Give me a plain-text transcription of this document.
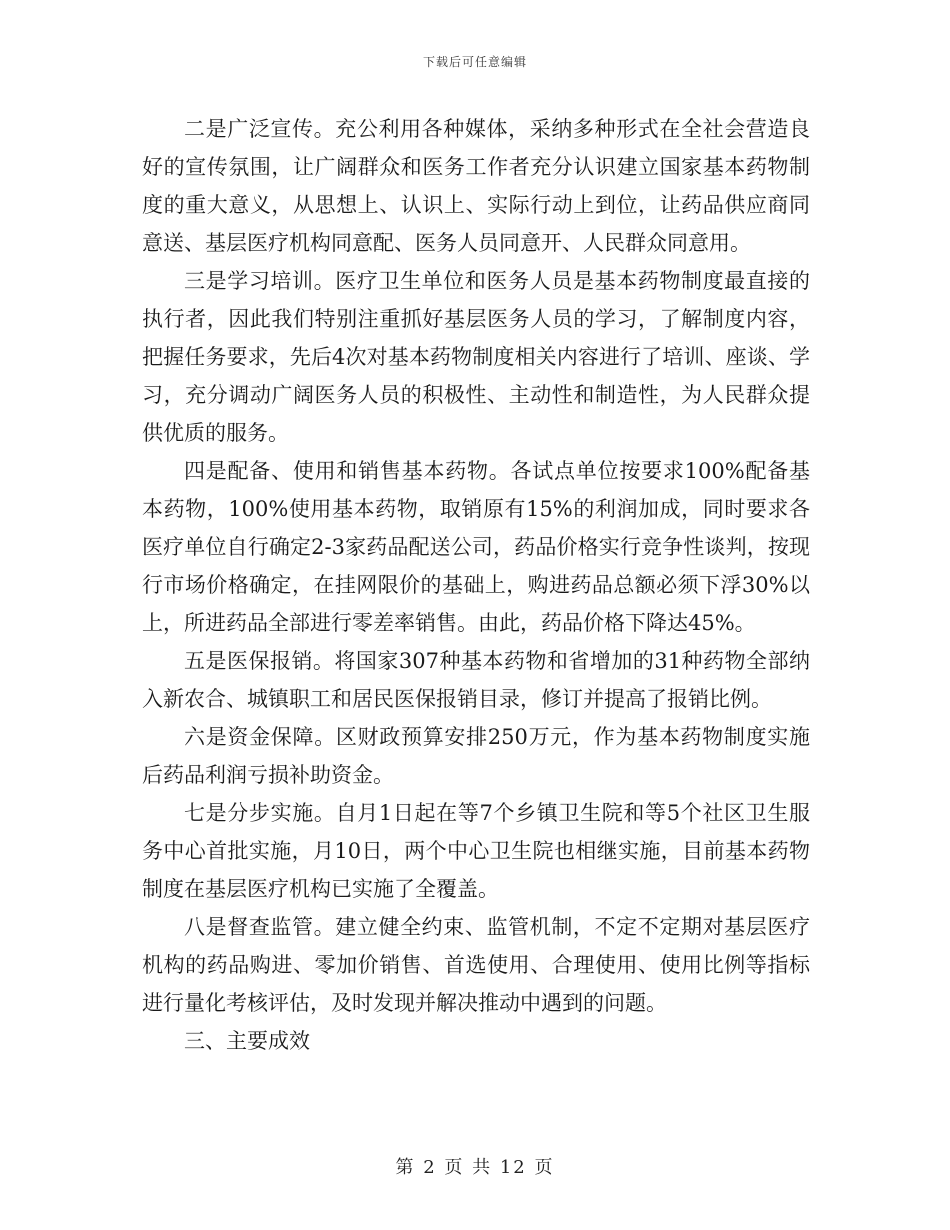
下载后可任意编辑

二是广泛宣传。充公利用各种媒体，采纳多种形式在全社会营造良好的宣传氛围，让广阔群众和医务工作者充分认识建立国家基本药物制度的重大意义，从思想上、认识上、实际行动上到位，让药品供应商同意送、基层医疗机构同意配、医务人员同意开、人民群众同意用。

三是学习培训。医疗卫生单位和医务人员是基本药物制度最直接的执行者，因此我们特别注重抓好基层医务人员的学习，了解制度内容，把握任务要求，先后4次对基本药物制度相关内容进行了培训、座谈、学习，充分调动广阔医务人员的积极性、主动性和制造性，为人民群众提供优质的服务。

四是配备、使用和销售基本药物。各试点单位按要求100%配备基本药物，100%使用基本药物，取销原有15%的利润加成，同时要求各医疗单位自行确定2-3家药品配送公司，药品价格实行竞争性谈判，按现行市场价格确定，在挂网限价的基础上，购进药品总额必须下浮30%以上，所进药品全部进行零差率销售。由此，药品价格下降达45%。

五是医保报销。将国家307种基本药物和省增加的31种药物全部纳入新农合、城镇职工和居民医保报销目录，修订并提高了报销比例。

六是资金保障。区财政预算安排250万元，作为基本药物制度实施后药品利润亏损补助资金。

七是分步实施。自月1日起在等7个乡镇卫生院和等5个社区卫生服务中心首批实施，月10日，两个中心卫生院也相继实施，目前基本药物制度在基层医疗机构已实施了全覆盖。

八是督查监管。建立健全约束、监管机制，不定不定期对基层医疗机构的药品购进、零加价销售、首选使用、合理使用、使用比例等指标进行量化考核评估，及时发现并解决推动中遇到的问题。

三、主要成效

第 2 页 共 12 页
